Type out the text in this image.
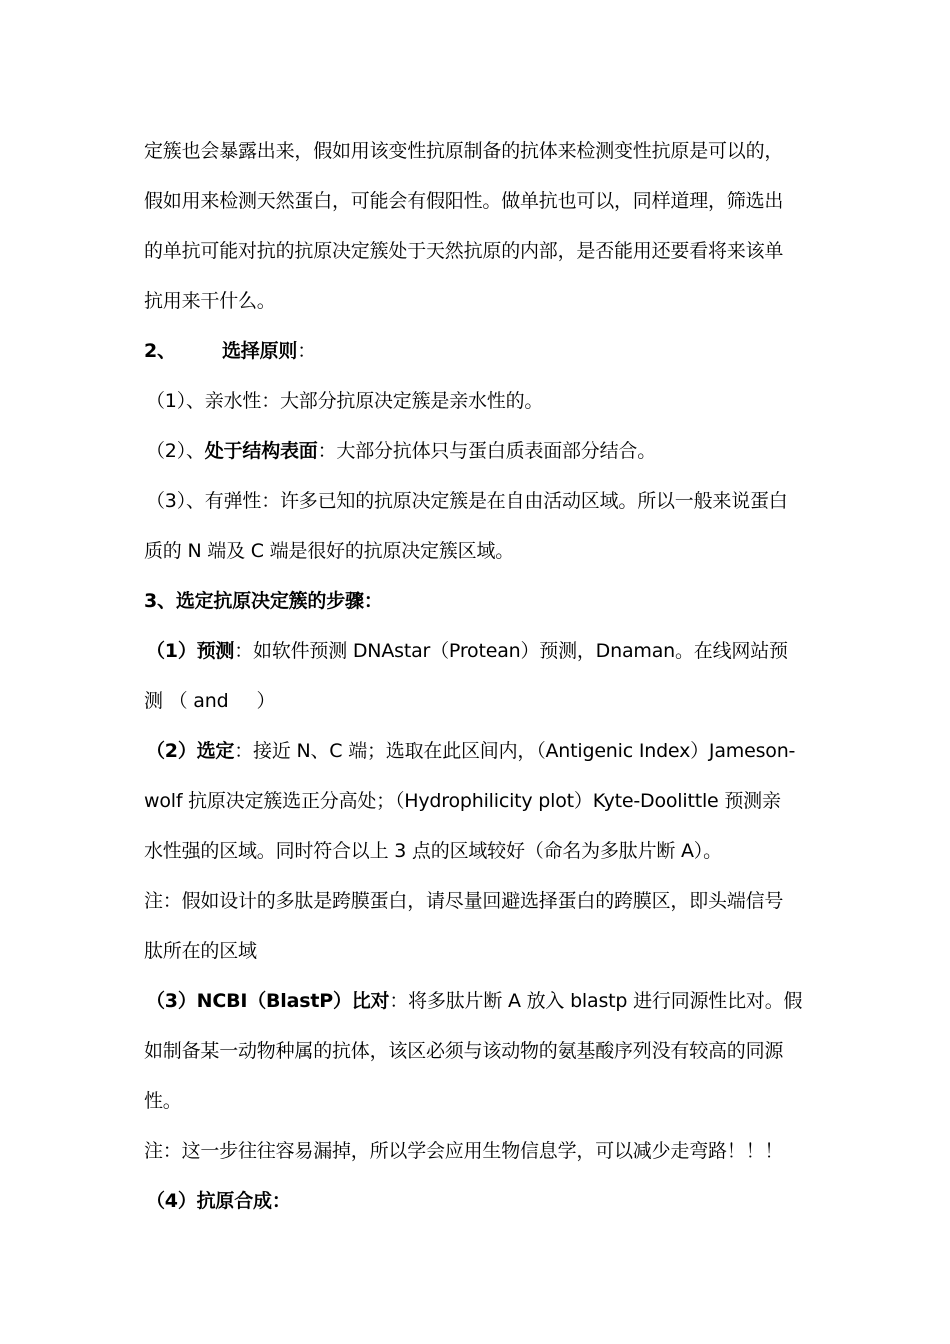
定簇也会暴露出来，假如用该变性抗原制备的抗体来检测变性抗原是可以的，
假如用来检测天然蛋白，可能会有假阳性。做单抗也可以，同样道理，筛选出
的单抗可能对抗的抗原决定簇处于天然抗原的内部，是否能用还要看将来该单
抗用来干什么。
2、 选择原则：
（1）、亲水性：大部分抗原决定簇是亲水性的。
（2）、处于结构表面：大部分抗体只与蛋白质表面部分结合。
（3）、有弹性：许多已知的抗原决定簇是在自由活动区域。所以一般来说蛋白
质的 N 端及 C 端是很好的抗原决定簇区域。
3、选定抗原决定簇的步骤：
（1）预测：如软件预测 DNAstar（Protean）预测，Dnaman。在线网站预
测 （ and ）
（2）选定：接近 N、C 端；选取在此区间内，（Antigenic Index）Jameson-
wolf 抗原决定簇选正分高处；（Hydrophilicity plot）Kyte-Doolittle 预测亲
水性强的区域。同时符合以上 3 点的区域较好（命名为多肽片断 A）。
注：假如设计的多肽是跨膜蛋白，请尽量回避选择蛋白的跨膜区，即头端信号
肽所在的区域
（3）NCBI（BlastP）比对：将多肽片断 A 放入 blastp 进行同源性比对。假
如制备某一动物种属的抗体，该区必须与该动物的氨基酸序列没有较高的同源
性。
注：这一步往往容易漏掉，所以学会应用生物信息学，可以减少走弯路！！！
（4）抗原合成：
